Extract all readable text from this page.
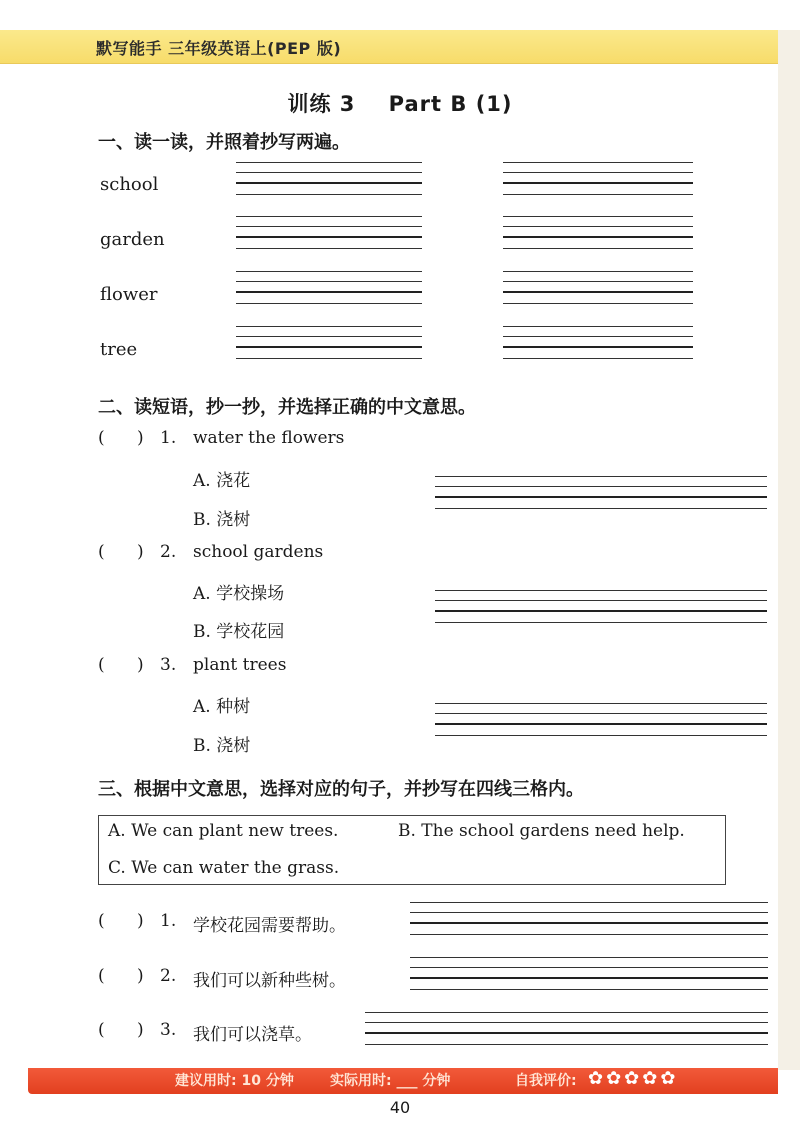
默写能手 三年级英语上(PEP 版)
训练 3    Part B (1)
一、读一读，并照着抄写两遍。
school
garden
flower
tree
二、读短语，抄一抄，并选择正确的中文意思。
(      ) 1. water the flowers
A. 浇花
B. 浇树
(      ) 2. school gardens
A. 学校操场
B. 学校花园
(      ) 3. plant trees
A. 种树
B. 浇树
三、根据中文意思，选择对应的句子，并抄写在四线三格内。
A. We can plant new trees.	B. The school gardens need help.
C. We can water the grass.
(      ) 1. 学校花园需要帮助。
(      ) 2. 我们可以新种些树。
(      ) 3. 我们可以浇草。
建议用时: 10 分钟	实际用时: ___ 分钟	自我评价: ✿✿✿✿✿
40
